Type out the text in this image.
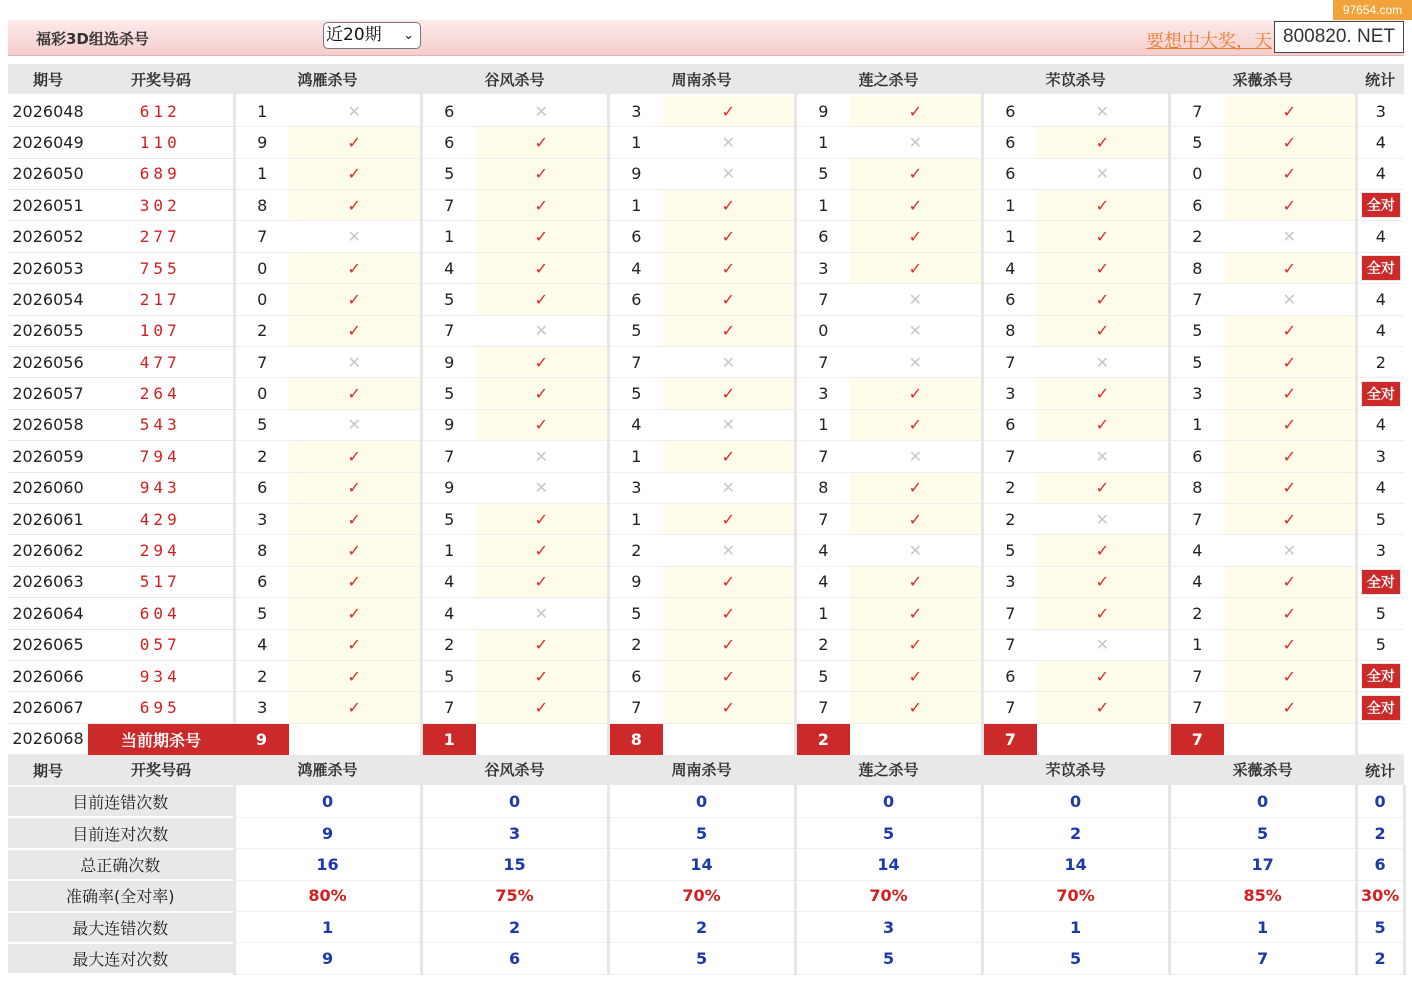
97654.com
福彩3D组选杀号	近20期 ⌄	要想中大奖，天 800820. NET
期号	开奖号码	鸿雁杀号		谷风杀号		周南杀号		莲之杀号		芣苡杀号		采薇杀号		统计
2026048	612	1	✕	6	✕	3	✓	9	✓	6	✕	7	✓	3
2026049	110	9	✓	6	✓	1	✕	1	✕	6	✓	5	✓	4
2026050	689	1	✓	5	✓	9	✕	5	✓	6	✕	0	✓	4
2026051	302	8	✓	7	✓	1	✓	1	✓	1	✓	6	✓	全对
2026052	277	7	✕	1	✓	6	✓	6	✓	1	✓	2	✕	4
2026053	755	0	✓	4	✓	4	✓	3	✓	4	✓	8	✓	全对
2026054	217	0	✓	5	✓	6	✓	7	✕	6	✓	7	✕	4
2026055	107	2	✓	7	✕	5	✓	0	✕	8	✓	5	✓	4
2026056	477	7	✕	9	✓	7	✕	7	✕	7	✕	5	✓	2
2026057	264	0	✓	5	✓	5	✓	3	✓	3	✓	3	✓	全对
2026058	543	5	✕	9	✓	4	✕	1	✓	6	✓	1	✓	4
2026059	794	2	✓	7	✕	1	✓	7	✕	7	✕	6	✓	3
2026060	943	6	✓	9	✕	3	✕	8	✓	2	✓	8	✓	4
2026061	429	3	✓	5	✓	1	✓	7	✓	2	✕	7	✓	5
2026062	294	8	✓	1	✓	2	✕	4	✕	5	✓	4	✕	3
2026063	517	6	✓	4	✓	9	✓	4	✓	3	✓	4	✓	全对
2026064	604	5	✓	4	✕	5	✓	1	✓	7	✓	2	✓	5
2026065	057	4	✓	2	✓	2	✓	2	✓	7	✕	1	✓	5
2026066	934	2	✓	5	✓	6	✓	5	✓	6	✓	7	✓	全对
2026067	695	3	✓	7	✓	7	✓	7	✓	7	✓	7	✓	全对
2026068	当前期杀号	9		1		8		2		7		7		
期号	开奖号码	鸿雁杀号		谷风杀号		周南杀号		莲之杀号		芣苡杀号		采薇杀号		统计
目前连错次数		0		0		0		0		0		0		0
目前连对次数		9		3		5		5		2		5		2
总正确次数		16		15		14		14		14		17		6
准确率(全对率)		80%		75%		70%		70%		70%		85%		30%
最大连错次数		1		2		2		3		1		1		5
最大连对次数		9		6		5		5		5		7		2
